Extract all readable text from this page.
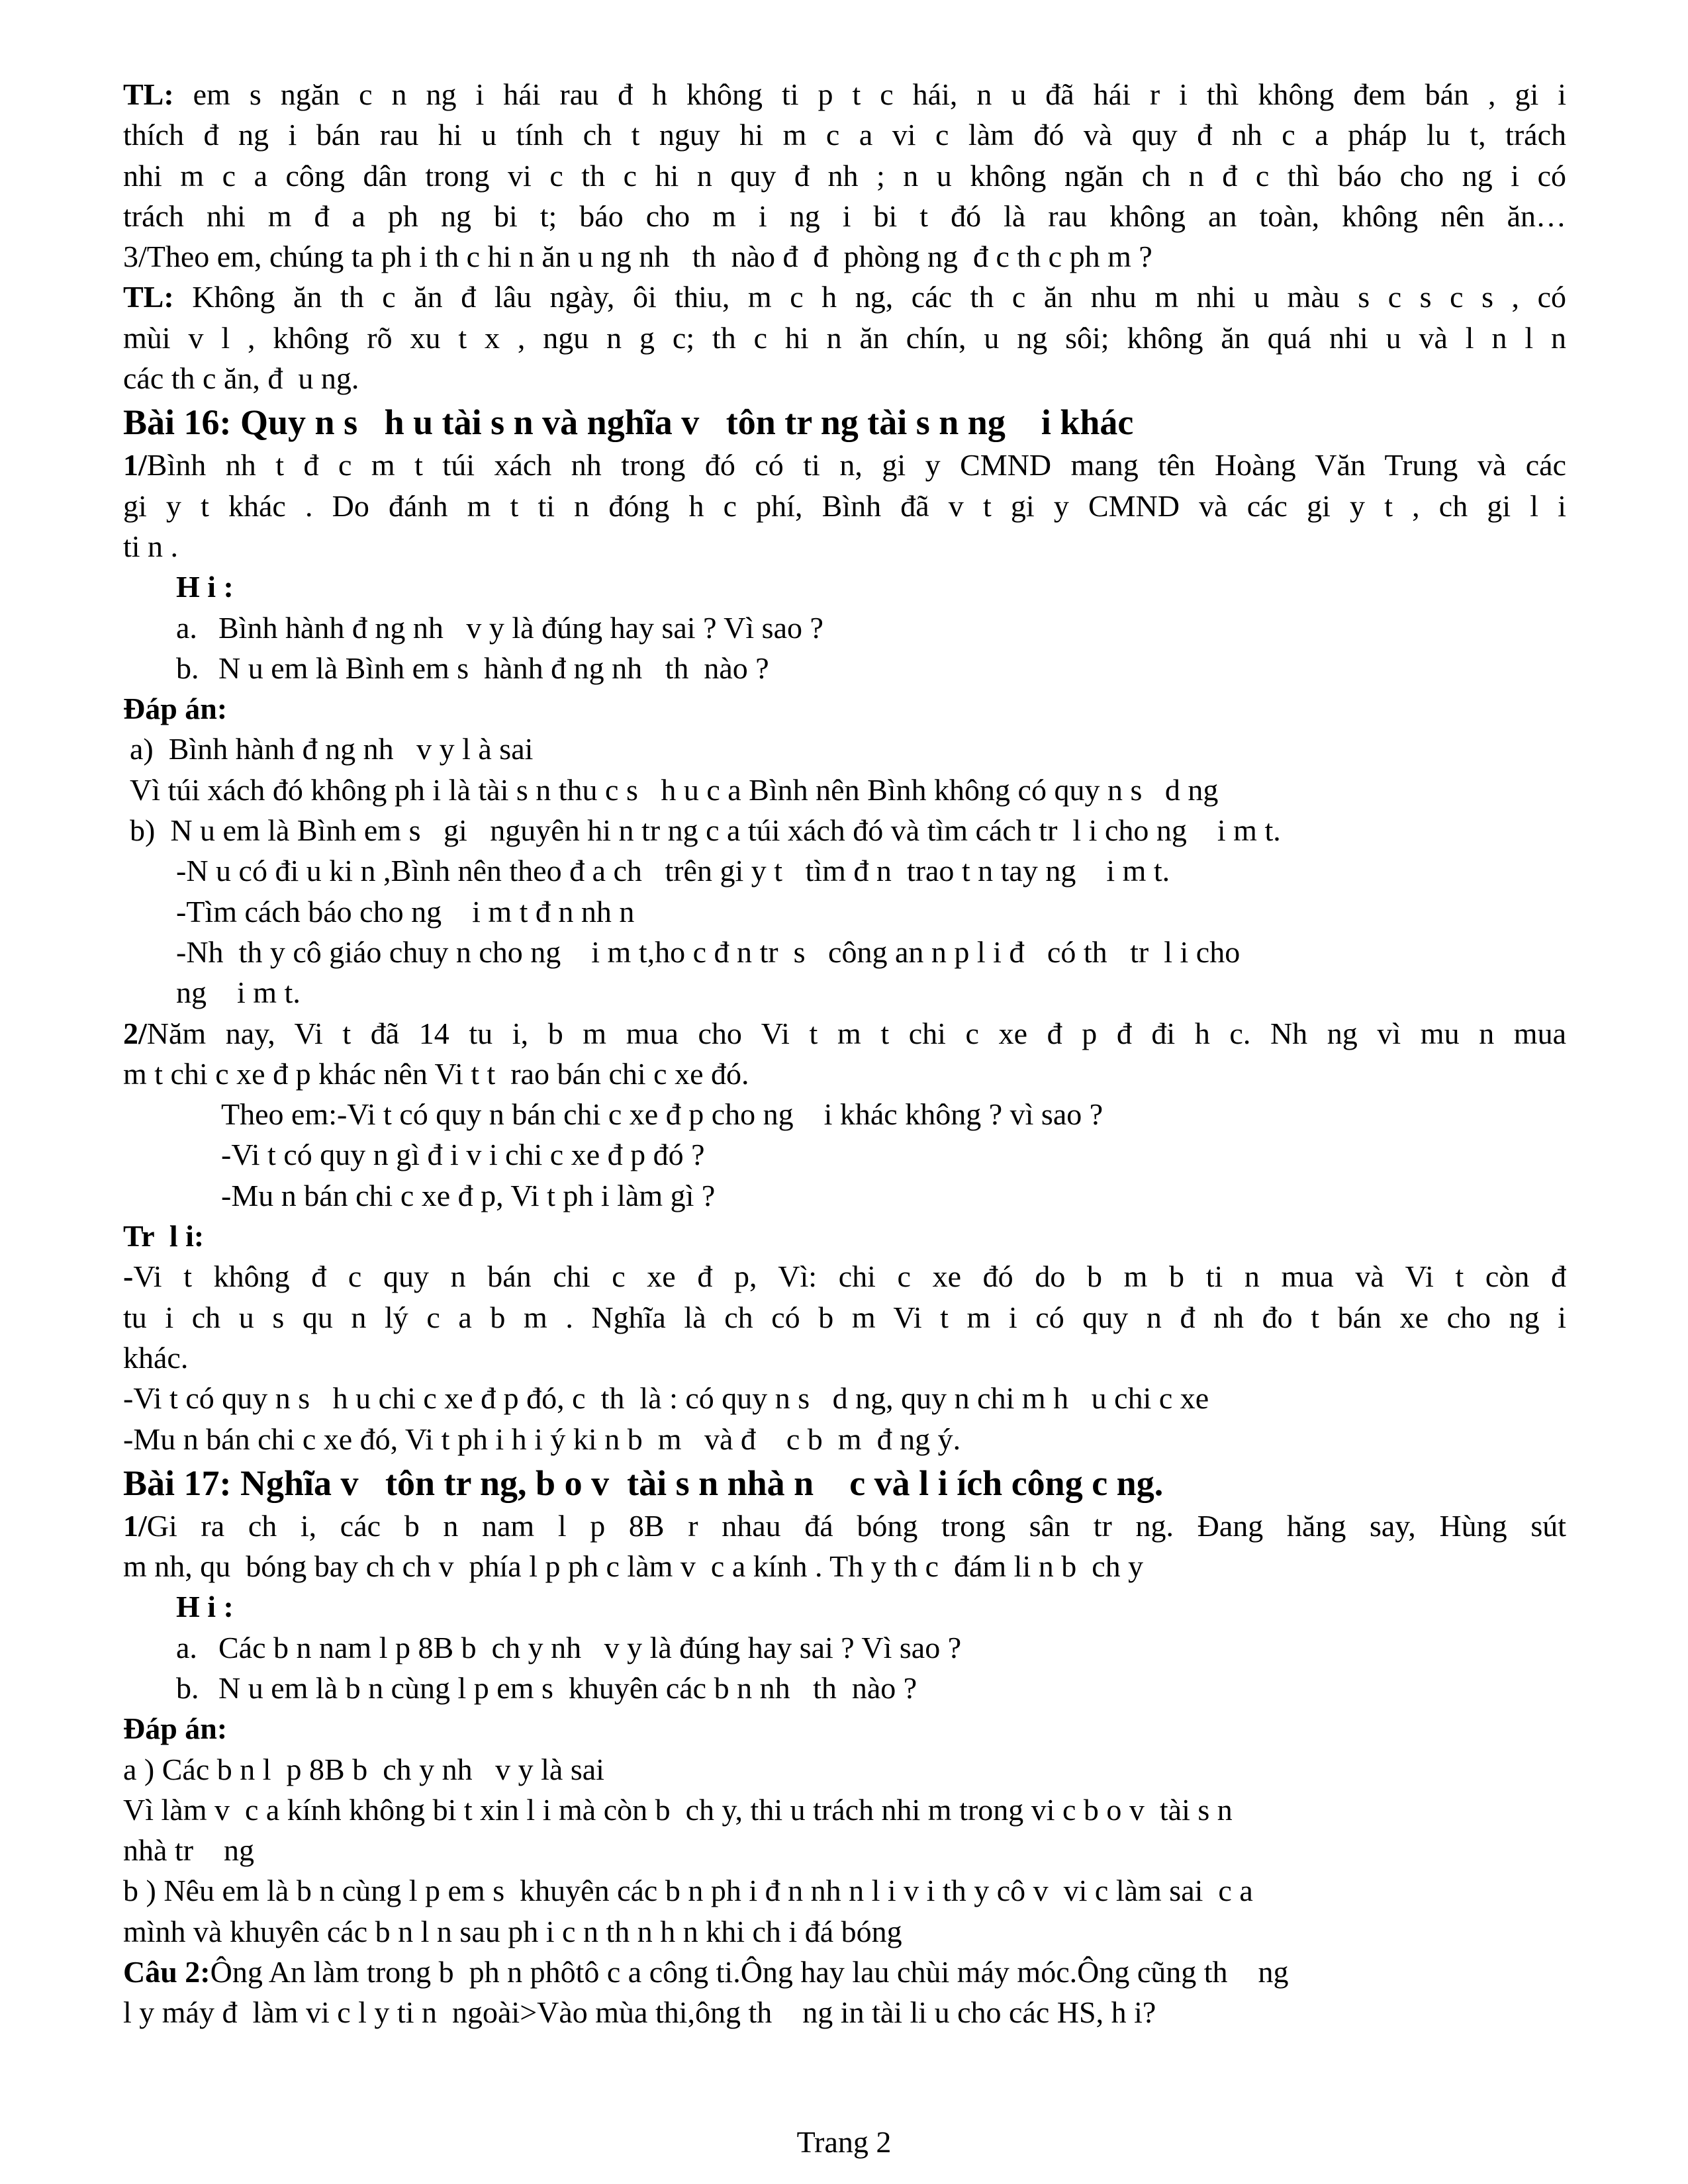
TL: em s ngăn c n ng i hái rau đ h không ti p t c hái, n u đã hái r i thì không đem bán , gi i
thích đ ng i bán rau hi u tính ch t nguy hi m c a vi c làm đó và quy đ nh c a pháp lu t, trách
nhi m c a công dân trong vi c th c hi n quy đ nh ; n u không ngăn ch n đ c thì báo cho ng i có
trách nhi m đ a ph ng bi t; báo cho m i ng i bi t đó là rau không an toàn, không nên ăn…
3/Theo em, chúng ta ph i th c hi n ăn u ng nh   th  nào đ  đ  phòng ng  đ c th c ph m ?
TL: Không ăn th c ăn đ lâu ngày, ôi thiu, m c h ng, các th c ăn nhu m nhi u màu s c s c s , có
mùi v l , không rõ xu t x , ngu n g c; th c hi n ăn chín, u ng sôi; không ăn quá nhi u và l n l n
các th c ăn, đ  u ng.
Bài 16: Quy n s   h u tài s n và nghĩa v   tôn tr ng tài s n ng    i khác
1/Bình nh t đ c m t túi xách nh trong đó có ti n, gi y CMND mang tên Hoàng Văn Trung và các
gi y t khác . Do đánh m t ti n đóng h c phí, Bình đã v t gi y CMND và các gi y t , ch gi l i
ti n .
H i :
a. Bình hành đ ng nh   v y là đúng hay sai ? Vì sao ?
b. N u em là Bình em s  hành đ ng nh   th  nào ?
Đáp án:
a)  Bình hành đ ng nh   v y l à sai
Vì túi xách đó không ph i là tài s n thu c s   h u c a Bình nên Bình không có quy n s   d ng
b)  N u em là Bình em s   gi   nguyên hi n tr ng c a túi xách đó và tìm cách tr  l i cho ng    i m t.
-N u có đi u ki n ,Bình nên theo đ a ch   trên gi y t   tìm đ n  trao t n tay ng    i m t.
-Tìm cách báo cho ng    i m t đ n nh n
-Nh  th y cô giáo chuy n cho ng    i m t,ho c đ n tr  s   công an n p l i đ   có th   tr  l i cho
ng    i m t.
2/Năm nay, Vi t đã 14 tu i, b m mua cho Vi t m t chi c xe đ p đ đi h c. Nh ng vì mu n mua
m t chi c xe đ p khác nên Vi t t  rao bán chi c xe đó.
Theo em:-Vi t có quy n bán chi c xe đ p cho ng    i khác không ? vì sao ?
-Vi t có quy n gì đ i v i chi c xe đ p đó ?
-Mu n bán chi c xe đ p, Vi t ph i làm gì ?
Tr  l i:
-Vi t không đ c quy n bán chi c xe đ p, Vì: chi c xe đó do b m b ti n mua và Vi t còn đ
tu i ch u s qu n lý c a b m . Nghĩa là ch có b m Vi t m i có quy n đ nh đo t bán xe cho ng i
khác.
-Vi t có quy n s   h u chi c xe đ p đó, c  th  là : có quy n s   d ng, quy n chi m h   u chi c xe
-Mu n bán chi c xe đó, Vi t ph i h i ý ki n b  m   và đ    c b  m  đ ng ý.
Bài 17: Nghĩa v   tôn tr ng, b o v  tài s n nhà n    c và l i ích công c ng.
1/Gi ra ch i, các b n nam l p 8B r nhau đá bóng trong sân tr ng. Đang hăng say, Hùng sút
m nh, qu  bóng bay ch ch v  phía l p ph c làm v  c a kính . Th y th c  đám li n b  ch y
H i :
a. Các b n nam l p 8B b  ch y nh   v y là đúng hay sai ? Vì sao ?
b. N u em là b n cùng l p em s  khuyên các b n nh   th  nào ?
Đáp án:
a ) Các b n l  p 8B b  ch y nh   v y là sai
Vì làm v  c a kính không bi t xin l i mà còn b  ch y, thi u trách nhi m trong vi c b o v  tài s n
nhà tr    ng
b ) Nêu em là b n cùng l p em s  khuyên các b n ph i đ n nh n l i v i th y cô v  vi c làm sai  c a
mình và khuyên các b n l n sau ph i c n th n h n khi ch i đá bóng
Câu 2:Ông An làm trong b  ph n phôtô c a công ti.Ông hay lau chùi máy móc.Ông cũng th    ng
l y máy đ  làm vi c l y ti n  ngoài>Vào mùa thi,ông th    ng in tài li u cho các HS, h i?
Trang 2
